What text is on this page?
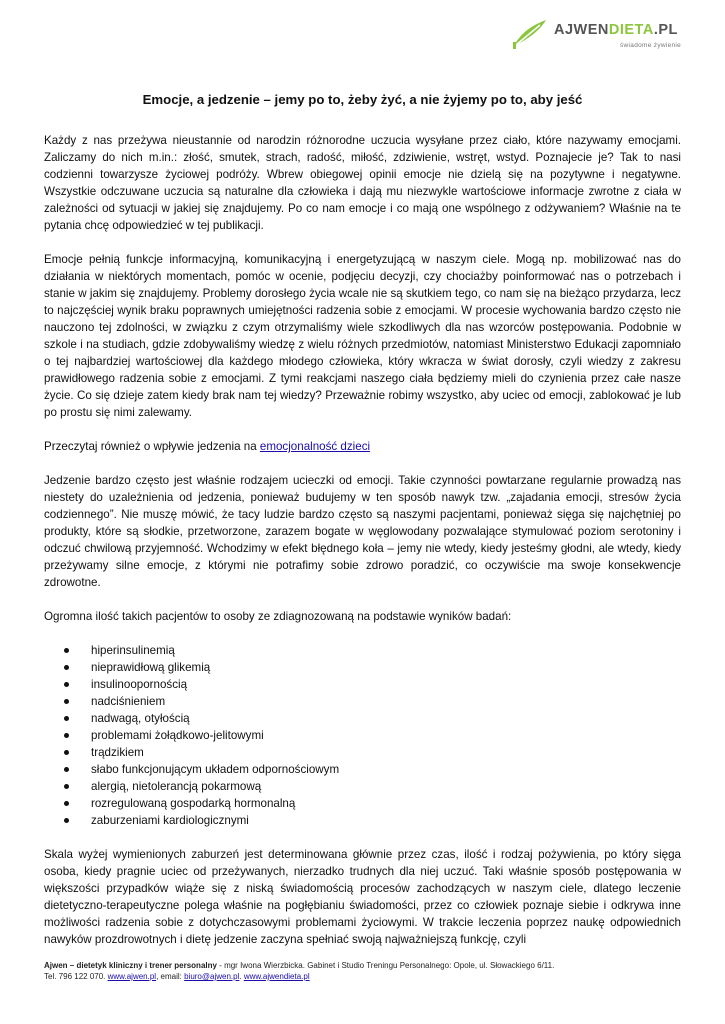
AJWENDIETA.PL
świadome żywienie
Emocje, a jedzenie – jemy po to, żeby żyć, a nie żyjemy po to, aby jeść

Każdy z nas przeżywa nieustannie od narodzin różnorodne uczucia wysyłane przez ciało, które nazywamy emocjami. Zaliczamy do nich m.in.: złość, smutek, strach, radość, miłość, zdziwienie, wstręt, wstyd. Poznajecie je? Tak to nasi codzienni towarzysze życiowej podróży. Wbrew obiegowej opinii emocje nie dzielą się na pozytywne i negatywne. Wszystkie odczuwane uczucia są naturalne dla człowieka i dają mu niezwykle wartościowe informacje zwrotne z ciała w zależności od sytuacji w jakiej się znajdujemy. Po co nam emocje i co mają one wspólnego z odżywaniem? Właśnie na te pytania chcę odpowiedzieć w tej publikacji.

Emocje pełnią funkcje informacyjną, komunikacyjną i energetyzującą w naszym ciele. Mogą np. mobilizować nas do działania w niektórych momentach, pomóc w ocenie, podjęciu decyzji, czy chociażby poinformować nas o potrzebach i stanie w jakim się znajdujemy. Problemy dorosłego życia wcale nie są skutkiem tego, co nam się na bieżąco przydarza, lecz to najczęściej wynik braku poprawnych umiejętności radzenia sobie z emocjami. W procesie wychowania bardzo często nie nauczono tej zdolności, w związku z czym otrzymaliśmy wiele szkodliwych dla nas wzorców postępowania. Podobnie w szkole i na studiach, gdzie zdobywaliśmy wiedzę z wielu różnych przedmiotów, natomiast Ministerstwo Edukacji zapomniało o tej najbardziej wartościowej dla każdego młodego człowieka, który wkracza w świat dorosły, czyli wiedzy z zakresu prawidłowego radzenia sobie z emocjami. Z tymi reakcjami naszego ciała będziemy mieli do czynienia przez całe nasze życie. Co się dzieje zatem kiedy brak nam tej wiedzy? Przeważnie robimy wszystko, aby uciec od emocji, zablokować je lub po prostu się nimi zalewamy.

Przeczytaj również o wpływie jedzenia na emocjonalność dzieci

Jedzenie bardzo często jest właśnie rodzajem ucieczki od emocji. Takie czynności powtarzane regularnie prowadzą nas niestety do uzależnienia od jedzenia, ponieważ budujemy w ten sposób nawyk tzw. „zajadania emocji, stresów życia codziennego”. Nie muszę mówić, że tacy ludzie bardzo często są naszymi pacjentami, ponieważ sięga się najchętniej po produkty, które są słodkie, przetworzone, zarazem bogate w węglowodany pozwalające stymulować poziom serotoniny i odczuć chwilową przyjemność. Wchodzimy w efekt błędnego koła – jemy nie wtedy, kiedy jesteśmy głodni, ale wtedy, kiedy przeżywamy silne emocje, z którymi nie potrafimy sobie zdrowo poradzić, co oczywiście ma swoje konsekwencje zdrowotne.

Ogromna ilość takich pacjentów to osoby ze zdiagnozowaną na podstawie wyników badań:

hiperinsulinemią
nieprawidłową glikemią
insulinoopornością
nadciśnieniem
nadwagą, otyłością
problemami żołądkowo-jelitowymi
trądzikiem
słabo funkcjonującym układem odpornościowym
alergią, nietolerancją pokarmową
rozregulowaną gospodarką hormonalną
zaburzeniami kardiologicznymi

Skala wyżej wymienionych zaburzeń jest determinowana głównie przez czas, ilość i rodzaj pożywienia, po który sięga osoba, kiedy pragnie uciec od przeżywanych, nierzadko trudnych dla niej uczuć. Taki właśnie sposób postępowania w większości przypadków wiąże się z niską świadomością procesów zachodzących w naszym ciele, dlatego leczenie dietetyczno-terapeutyczne polega właśnie na pogłębianiu świadomości, przez co człowiek poznaje siebie i odkrywa inne możliwości radzenia sobie z dotychczasowymi problemami życiowymi. W trakcie leczenia poprzez naukę odpowiednich nawyków prozdrowotnych i dietę jedzenie zaczyna spełniać swoją najważniejszą funkcję, czyli

Ajwen – dietetyk kliniczny i trener personalny - mgr Iwona Wierzbicka. Gabinet i Studio Treningu Personalnego: Opole, ul. Słowackiego 6/11.
Tel. 796 122 070. www.ajwen.pl, email: biuro@ajwen.pl. www.ajwendieta.pl
